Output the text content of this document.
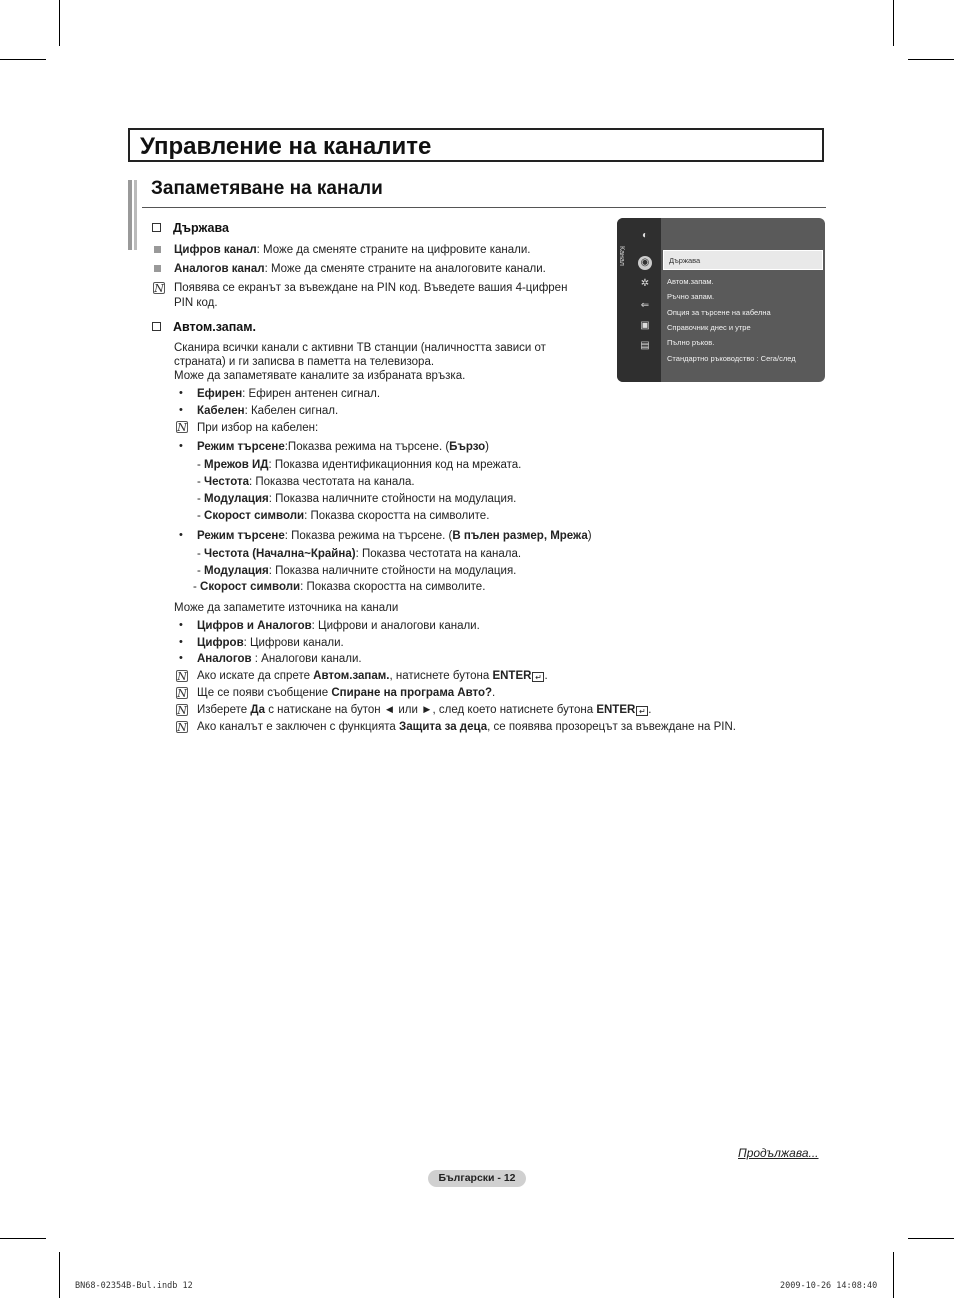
Управление на каналите
Запаметяване на канали
Държава
Цифров канал: Може да сменяте страните на цифровите канали.
Аналогов канал: Може да сменяте страните на аналоговите канали.
N Появява се екранът за въвеждане на PIN код. Въведете вашия 4-цифрен
PIN код.
Автом.запам.
Сканира всички канали с активни ТВ станции (наличността зависи от
страната) и ги записва в паметта на телевизора.
Може да запаметявате каналите за избраната връзка.
• Ефирен: Ефирен антенен сигнал.
• Кабелен: Кабелен сигнал.
N При избор на кабелен:
• Режим търсене:Показва режима на търсене. (Бързо)
- Мрежов ИД: Показва идентификационния код на мрежата.
- Честота: Показва честотата на канала.
- Модулация: Показва наличните стойности на модулация.
- Скорост символи: Показва скоростта на символите.
• Режим търсене: Показва режима на търсене. (В пълен размер, Мрежа)
- Честота (Начална~Крайна): Показва честотата на канала.
- Модулация: Показва наличните стойности на модулация.
- Скорост символи: Показва скоростта на символите.
Може да запаметите източника на канали
• Цифров и Аналогов: Цифрови и аналогови канали.
• Цифров: Цифрови канали.
• Аналогов : Аналогови канали.
N Ако искате да спрете Автом.запам., натиснете бутона ENTER ↵ .
N Ще се появи съобщение Спиране на програма Авто?.
N Изберете Да с натискане на бутон ◄ или ►, след което натиснете бутона ENTER ↵ .
N Ако каналът е заключен с функцията Защита за деца, се появява прозорецът за въвеждане на PIN.
Канал
◐
◉
✲
⇐
▣
▤
Държава
Автом.запам.
Ръчно запам.
Опция за търсене на кабелна
Справочник днес и утре
Пълно ръков.
Стандартно ръководство : Сега/след
Продължава...
Български - 12
BN68-02354B-Bul.indb 12	2009-10-26 14:08:40
